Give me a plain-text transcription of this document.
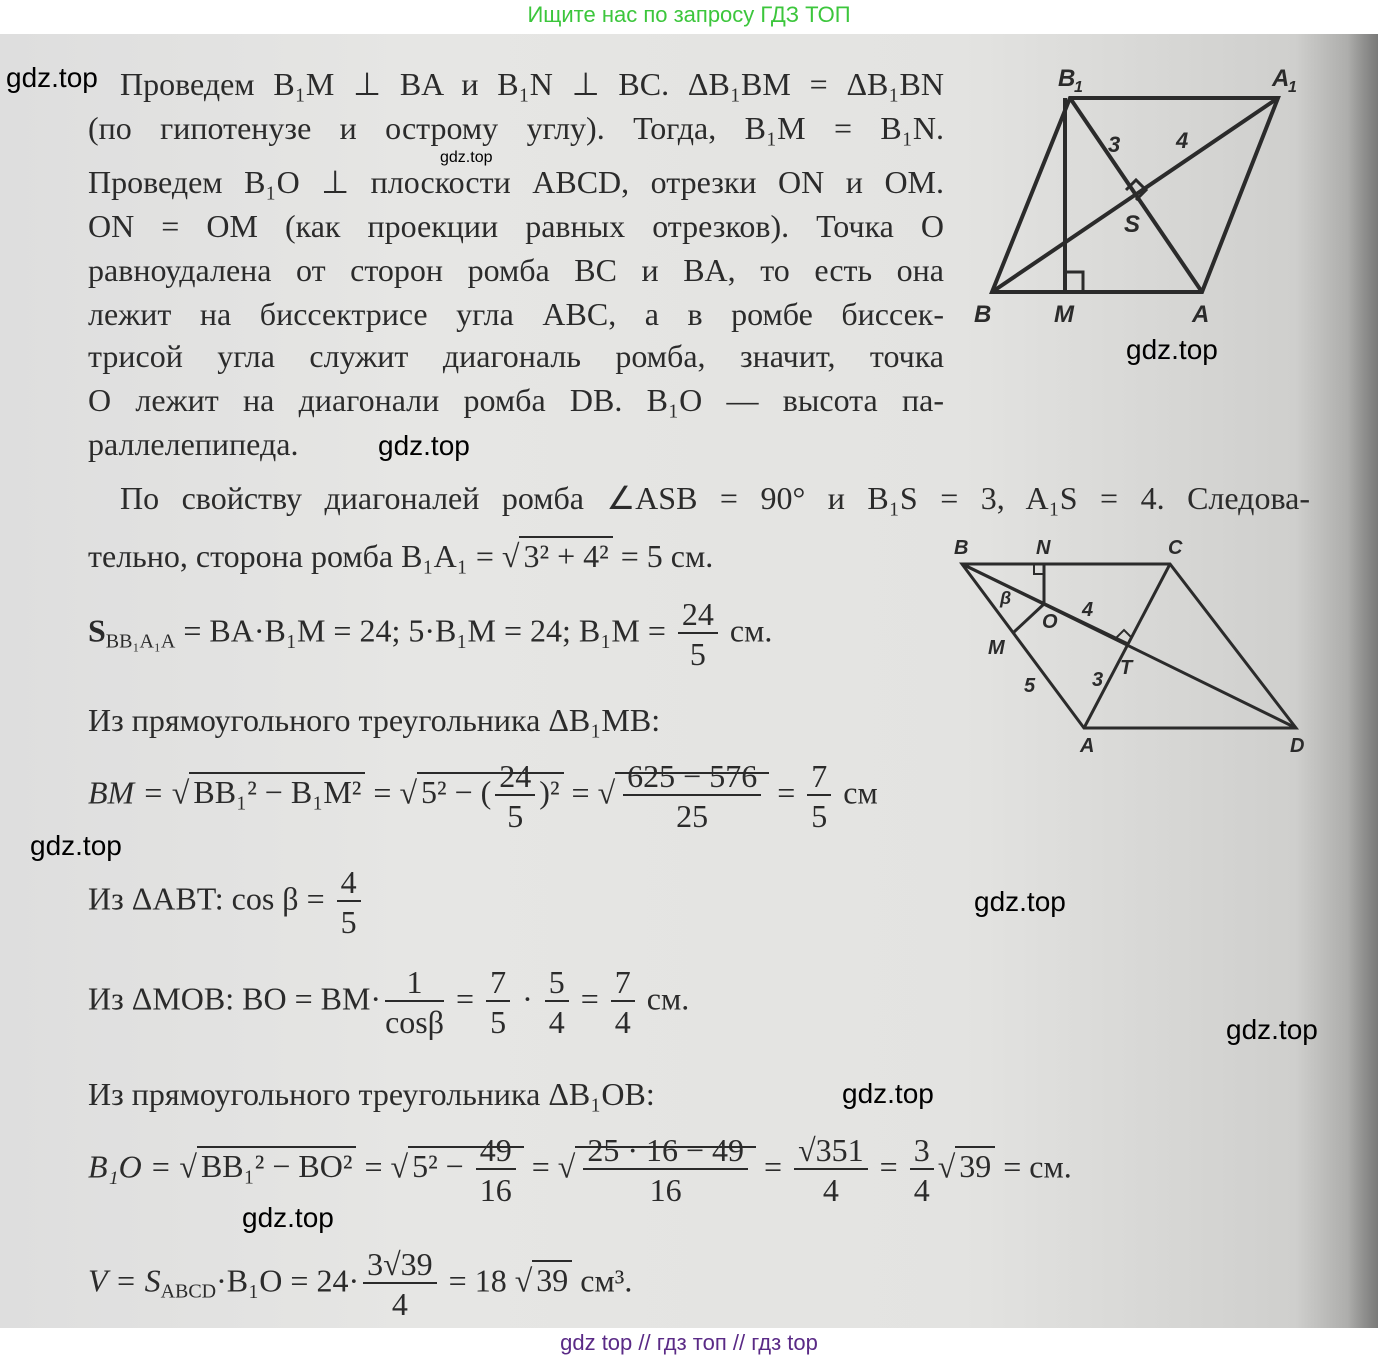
Ищите нас по запросу ГДЗ ТОП
Проведем B₁M ⊥ BA и B₁N ⊥ BC. ΔB₁BM = ΔB₁BN
(по гипотенузе и острому углу). Тогда, B₁M = B₁N.
Проведем B₁O ⊥ плоскости ABCD, отрезки ON и OM.
ON = OM (как проекции равных отрезков). Точка О
равноудалена от сторон ромба BC и BA, то есть она
лежит на биссектрисе угла ABC, а в ромбе биссек-
трисой угла служит диагональ ромба, значит, точка
O лежит на диагонали ромба DB. B₁O — высота па-
раллелепипеда.
По свойству диагоналей ромба ∠ASB = 90° и B₁S = 3, A₁S = 4. Следова-
тельно, сторона ромба B₁A₁ = √ 3² + 4² = 5 см.
$S_{BB_1A_1A} = BA\cdot B_1M = 24$; 5·B₁M = 24; $B_1M = \frac{24}{5}$ см.
Из прямоугольного треугольника ΔB₁MB:
BM = √ BB₁² − B₁M² = √ 5² − ( $\frac{24}{5} )^2$ = √ $\frac{625 - 576}{25} = \frac{7}{5}$ см
Из ΔABT: $\cos \beta = \frac{4}{5}$
Из ΔMOB: BO = $BM\cdot \frac{1}{\cos\beta} = \frac{7}{5} \cdot \frac{5}{4} = \frac{7}{4}$ см.
Из прямоугольного треугольника ΔB₁OB:
B₁O = √ BB₁² − BO² = √ $5^2 - \frac{49}{16}$ = √ $\frac{25 \cdot 16 - 49}{16} = \frac{√351}{4} = \frac{3}{4}$ √ 39 = см.
$V = S_{ABCD}\cdot B_1O = 24\cdot \frac{3√39}{4} = 18$ √ 39 см³.
B
1	A
1
B	M	A
S
3	4
B	N	C
M
O
β
T
A	D
4
3
5
gdz.top
gdz.top
gdz.top
gdz.top
gdz.top
gdz.top
gdz.top
gdz.top
gdz.top
gdz top // гдз топ // гдз top
